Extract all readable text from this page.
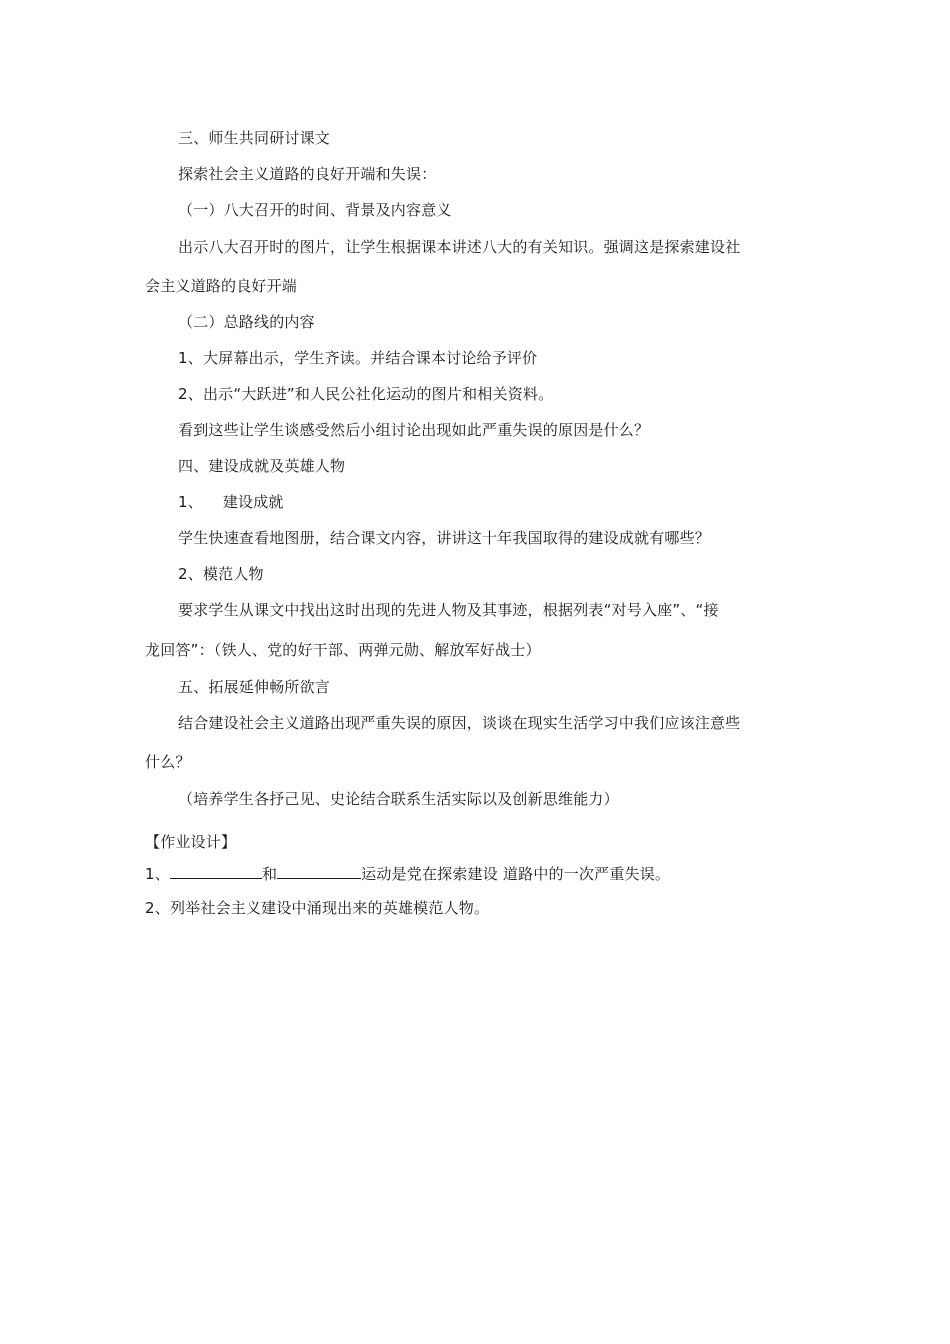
三、师生共同研讨课文
探索社会主义道路的良好开端和失误：
（一）八大召开的时间、背景及内容意义
出示八大召开时的图片，让学生根据课本讲述八大的有关知识。强调这是探索建设社
会主义道路的良好开端
（二）总路线的内容
1、大屏幕出示，学生齐读。并结合课本讨论给予评价
2、出示“大跃进”和人民公社化运动的图片和相关资料。
看到这些让学生谈感受然后小组讨论出现如此严重失误的原因是什么？
四、建设成就及英雄人物
1、    建设成就
学生快速查看地图册，结合课文内容，讲讲这十年我国取得的建设成就有哪些？
2、模范人物
要求学生从课文中找出这时出现的先进人物及其事迹，根据列表“对号入座”、“接
龙回答”：（铁人、党的好干部、两弹元勋、解放军好战士）
五、拓展延伸畅所欲言
结合建设社会主义道路出现严重失误的原因，谈谈在现实生活学习中我们应该注意些
什么？
（培养学生各抒己见、史论结合联系生活实际以及创新思维能力）
【作业设计】
1、	和	运动是党在探索建设 道路中的一次严重失误。
2、列举社会主义建设中涌现出来的英雄模范人物。
